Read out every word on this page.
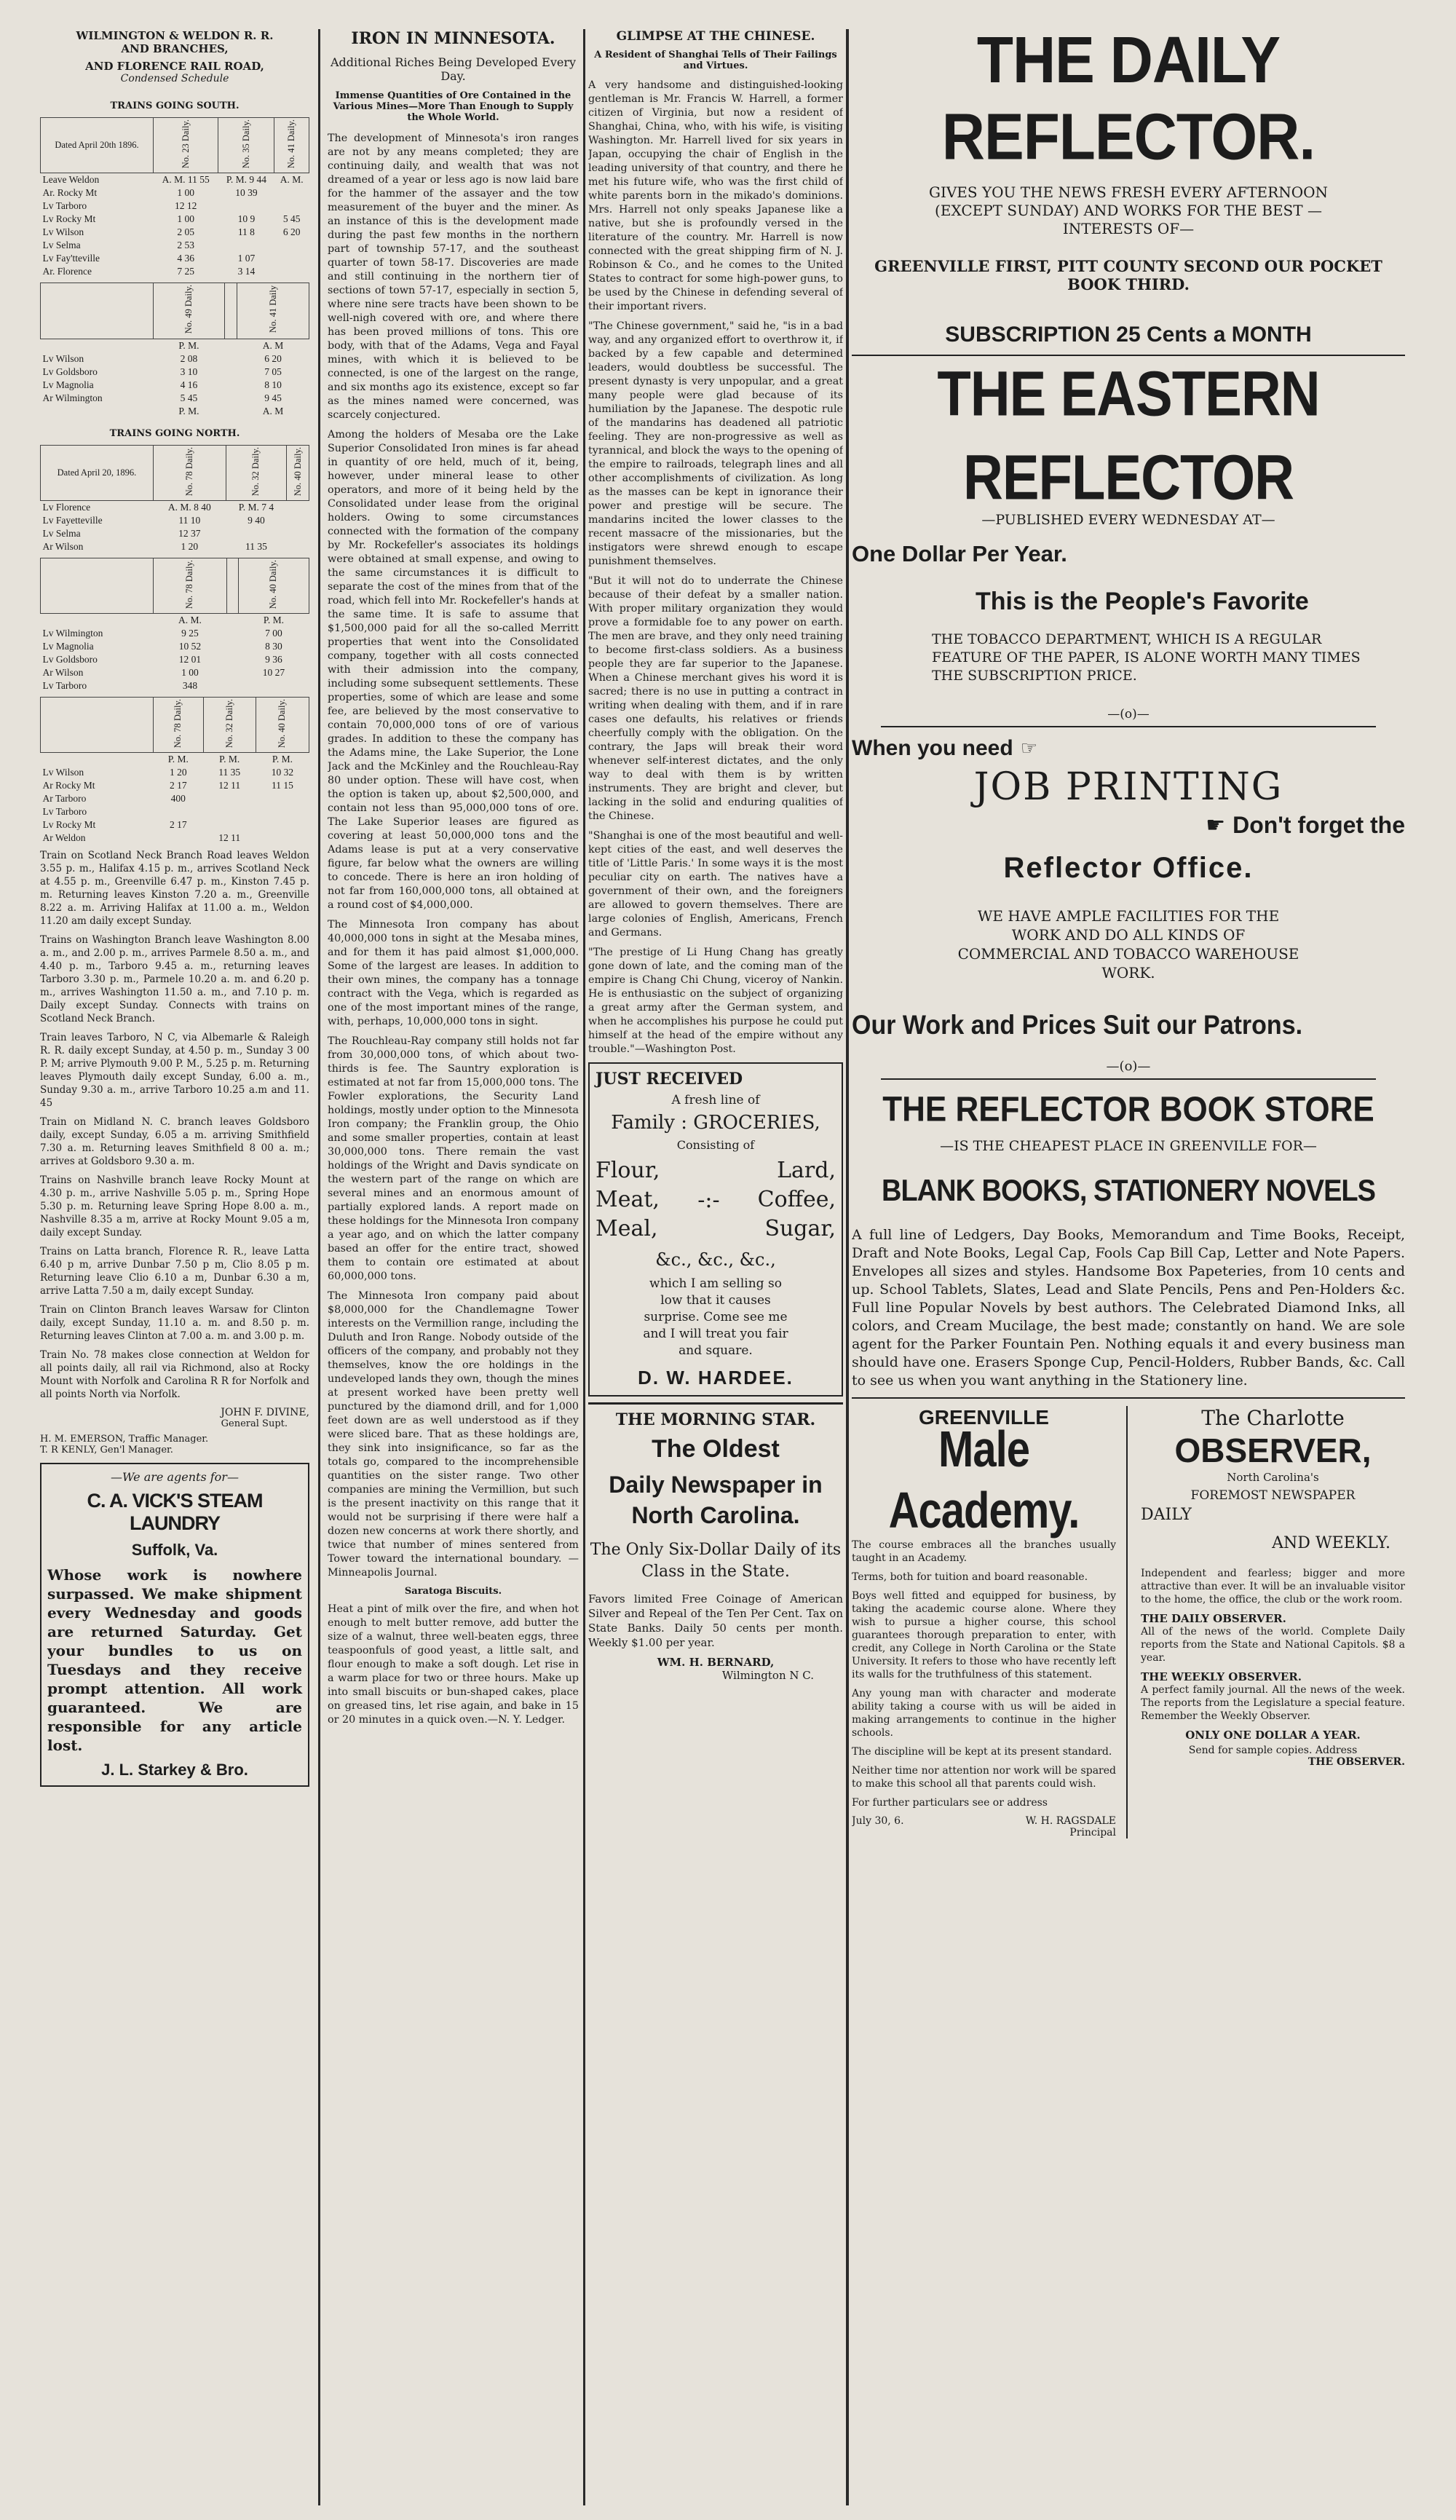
WILMINGTON & WELDON R. R.
AND BRANCHES,
AND FLORENCE RAIL ROAD,
Condensed Schedule
TRAINS GOING SOUTH.
Dated April 20th 1896.	No. 23 Daily.	No. 35 Daily.	No. 41 Daily.
Leave Weldon	A. M. 11 55	P. M. 9 44	A. M.
Ar. Rocky Mt	1 00	10 39	
Lv Tarboro	12 12		
Lv Rocky Mt	1 00	10 9	5 45
Lv Wilson	2 05	11 8	6 20
Lv Selma	2 53		
Lv Fay'tteville	4 36	1 07	
Ar. Florence	7 25	3 14	
	No. 49 Daily.		No. 41 Daily
	P. M.		A. M
Lv Wilson	2 08		6 20
Lv Goldsboro	3 10		7 05
Lv Magnolia	4 16		8 10
Ar Wilmington	5 45		9 45
	P. M.		A. M
TRAINS GOING NORTH.
Dated April 20, 1896.	No. 78 Daily.	No. 32 Daily.	No. 40 Daily.
Lv Florence	A. M. 8 40	P. M. 7 4	
Lv Fayetteville	11 10	9 40	
Lv Selma	12 37		
Ar Wilson	1 20	11 35	
	No. 78 Daily.		No. 40 Daily.
	A. M.		P. M.
Lv Wilmington	9 25		7 00
Lv Magnolia	10 52		8 30
Lv Goldsboro	12 01		9 36
Ar Wilson	1 00		10 27
Lv Tarboro	348		
	No. 78 Daily.	No. 32 Daily.	No. 40 Daily.
	P. M.	P. M.	P. M.
Lv Wilson	1 20	11 35	10 32
Ar Rocky Mt	2 17	12 11	11 15
Ar Tarboro	400		
Lv Tarboro			
Lv Rocky Mt	2 17		
Ar Weldon		12 11	

Train on Scotland Neck Branch Road leaves Weldon 3.55 p. m., Halifax 4.15 p. m., arrives Scotland Neck at 4.55 p. m., Greenville 6.47 p. m., Kinston 7.45 p. m. Returning leaves Kinston 7.20 a. m., Greenville 8.22 a. m. Arriving Halifax at 11.00 a. m., Weldon 11.20 am daily except Sunday.

Trains on Washington Branch leave Washington 8.00 a. m., and 2.00 p. m., arrives Parmele 8.50 a. m., and 4.40 p. m., Tarboro 9.45 a. m., returning leaves Tarboro 3.30 p. m., Parmele 10.20 a. m. and 6.20 p. m., arrives Washington 11.50 a. m., and 7.10 p. m. Daily except Sunday. Connects with trains on Scotland Neck Branch.

Train leaves Tarboro, N C, via Albemarle & Raleigh R. R. daily except Sunday, at 4.50 p. m., Sunday 3 00 P. M; arrive Plymouth 9.00 P. M., 5.25 p. m. Returning leaves Plymouth daily except Sunday, 6.00 a. m., Sunday 9.30 a. m., arrive Tarboro 10.25 a.m and 11. 45

Train on Midland N. C. branch leaves Goldsboro daily, except Sunday, 6.05 a m. arriving Smithfield 7.30 a. m. Returning leaves Smithfield 8 00 a. m.; arrives at Goldsboro 9.30 a. m.

Trains on Nashville branch leave Rocky Mount at 4.30 p. m., arrive Nashville 5.05 p. m., Spring Hope 5.30 p. m. Returning leave Spring Hope 8.00 a. m., Nashville 8.35 a m, arrive at Rocky Mount 9.05 a m, daily except Sunday.

Trains on Latta branch, Florence R. R., leave Latta 6.40 p m, arrive Dunbar 7.50 p m, Clio 8.05 p m. Returning leave Clio 6.10 a m, Dunbar 6.30 a m, arrive Latta 7.50 a m, daily except Sunday.

Train on Clinton Branch leaves Warsaw for Clinton daily, except Sunday, 11.10 a. m. and 8.50 p. m. Returning leaves Clinton at 7.00 a. m. and 3.00 p. m.

Train No. 78 makes close connection at Weldon for all points daily, all rail via Richmond, also at Rocky Mount with Norfolk and Carolina R R for Norfolk and all points North via Norfolk.

JOHN F. DIVINE,
General Supt.
H. M. EMERSON, Traffic Manager.
T. R KENLY, Gen'l Manager.
—We are agents for—
C. A. VICK'S STEAM LAUNDRY
Suffolk, Va.

Whose work is nowhere surpassed. We make shipment every Wednesday and goods are returned Saturday. Get your bundles to us on Tuesdays and they receive prompt attention. All work guaranteed. We are responsible for any article lost.

J. L. Starkey & Bro.
IRON IN MINNESOTA.
Additional Riches Being Developed Every Day.
Immense Quantities of Ore Contained in the Various Mines—More Than Enough to Supply the Whole World.

The development of Minnesota's iron ranges are not by any means completed; they are continuing daily, and wealth that was not dreamed of a year or less ago is now laid bare for the hammer of the assayer and the tow measurement of the buyer and the miner. As an instance of this is the development made during the past few months in the northern part of township 57-17, and the southeast quarter of town 58-17. Discoveries are made and still continuing in the northern tier of sections of town 57-17, especially in section 5, where nine sere tracts have been shown to be well-nigh covered with ore, and where there has been proved millions of tons. This ore body, with that of the Adams, Vega and Fayal mines, with which it is believed to be connected, is one of the largest on the range, and six months ago its existence, except so far as the mines named were concerned, was scarcely conjectured.

Among the holders of Mesaba ore the Lake Superior Consolidated Iron mines is far ahead in quantity of ore held, much of it, being, however, under mineral lease to other operators, and more of it being held by the Consolidated under lease from the original holders. Owing to some circumstances connected with the formation of the company by Mr. Rockefeller's associates its holdings were obtained at small expense, and owing to the same circumstances it is difficult to separate the cost of the mines from that of the road, which fell into Mr. Rockefeller's hands at the same time. It is safe to assume that $1,500,000 paid for all the so-called Merritt properties that went into the Consolidated company, together with all costs connected with their admission into the company, including some subsequent settlements. These properties, some of which are lease and some fee, are believed by the most conservative to contain 70,000,000 tons of ore of various grades. In addition to these the company has the Adams mine, the Lake Superior, the Lone Jack and the McKinley and the Rouchleau-Ray 80 under option. These will have cost, when the option is taken up, about $2,500,000, and contain not less than 95,000,000 tons of ore. The Lake Superior leases are figured as covering at least 50,000,000 tons and the Adams lease is put at a very conservative figure, far below what the owners are willing to concede. There is here an iron holding of not far from 160,000,000 tons, all obtained at a round cost of $4,000,000.

The Minnesota Iron company has about 40,000,000 tons in sight at the Mesaba mines, and for them it has paid almost $1,000,000. Some of the largest are leases. In addition to their own mines, the company has a tonnage contract with the Vega, which is regarded as one of the most important mines of the range, with, perhaps, 10,000,000 tons in sight.

The Rouchleau-Ray company still holds not far from 30,000,000 tons, of which about two-thirds is fee. The Sauntry exploration is estimated at not far from 15,000,000 tons. The Fowler explorations, the Security Land holdings, mostly under option to the Minnesota Iron company; the Franklin group, the Ohio and some smaller properties, contain at least 30,000,000 tons. There remain the vast holdings of the Wright and Davis syndicate on the western part of the range on which are several mines and an enormous amount of partially explored lands. A report made on these holdings for the Minnesota Iron company a year ago, and on which the latter company based an offer for the entire tract, showed them to contain ore estimated at about 60,000,000 tons.

The Minnesota Iron company paid about $8,000,000 for the Chandlemagne Tower interests on the Vermillion range, including the Duluth and Iron Range. Nobody outside of the officers of the company, and probably not they themselves, know the ore holdings in the undeveloped lands they own, though the mines at present worked have been pretty well punctured by the diamond drill, and for 1,000 feet down are as well understood as if they were sliced bare. That as these holdings are, they sink into insignificance, so far as the totals go, compared to the incomprehensible quantities on the sister range. Two other companies are mining the Vermillion, but such is the present inactivity on this range that it would not be surprising if there were half a dozen new concerns at work there shortly, and twice that number of mines sentered from Tower toward the international boundary. — Minneapolis Journal.

Saratoga Biscuits.

Heat a pint of milk over the fire, and when hot enough to melt butter remove, add butter the size of a walnut, three well-beaten eggs, three teaspoonfuls of good yeast, a little salt, and flour enough to make a soft dough. Let rise in a warm place for two or three hours. Make up into small biscuits or bun-shaped cakes, place on greased tins, let rise again, and bake in 15 or 20 minutes in a quick oven.—N. Y. Ledger.

GLIMPSE AT THE CHINESE.
A Resident of Shanghai Tells of Their Failings and Virtues.

A very handsome and distinguished-looking gentleman is Mr. Francis W. Harrell, a former citizen of Virginia, but now a resident of Shanghai, China, who, with his wife, is visiting Washington. Mr. Harrell lived for six years in Japan, occupying the chair of English in the leading university of that country, and there he met his future wife, who was the first child of white parents born in the mikado's dominions. Mrs. Harrell not only speaks Japanese like a native, but she is profoundly versed in the literature of the country. Mr. Harrell is now connected with the great shipping firm of N. J. Robinson & Co., and he comes to the United States to contract for some high-power guns, to be used by the Chinese in defending several of their important rivers.

"The Chinese government," said he, "is in a bad way, and any organized effort to overthrow it, if backed by a few capable and determined leaders, would doubtless be successful. The present dynasty is very unpopular, and a great many people were glad because of its humiliation by the Japanese. The despotic rule of the mandarins has deadened all patriotic feeling. They are non-progressive as well as tyrannical, and block the ways to the opening of the empire to railroads, telegraph lines and all other accomplishments of civilization. As long as the masses can be kept in ignorance their power and prestige will be secure. The mandarins incited the lower classes to the recent massacre of the missionaries, but the instigators were shrewd enough to escape punishment themselves.

"But it will not do to underrate the Chinese because of their defeat by a smaller nation. With proper military organization they would prove a formidable foe to any power on earth. The men are brave, and they only need training to become first-class soldiers. As a business people they are far superior to the Japanese. When a Chinese merchant gives his word it is sacred; there is no use in putting a contract in writing when dealing with them, and if in rare cases one defaults, his relatives or friends cheerfully comply with the obligation. On the contrary, the Japs will break their word whenever self-interest dictates, and the only way to deal with them is by written instruments. They are bright and clever, but lacking in the solid and enduring qualities of the Chinese.

"Shanghai is one of the most beautiful and well-kept cities of the east, and well deserves the title of 'Little Paris.' In some ways it is the most peculiar city on earth. The natives have a government of their own, and the foreigners are allowed to govern themselves. There are large colonies of English, Americans, French and Germans.

"The prestige of Li Hung Chang has greatly gone down of late, and the coming man of the empire is Chang Chi Chung, viceroy of Nankin. He is enthusiastic on the subject of organizing a great army after the German system, and when he accomplishes his purpose he could put himself at the head of the empire without any trouble."—Washington Post.

JUST RECEIVED
A fresh line of
Family : GROCERIES,
Consisting of
Flour,
Meat,
Meal,
-:-
Lard,
Coffee,
Sugar,
&c., &c., &c.,
which I am selling so low that it causes surprise. Come see me and I will treat you fair and square.
D. W. HARDEE.
THE MORNING STAR.
The Oldest
Daily Newspaper in North Carolina.
The Only Six-Dollar Daily of its Class in the State.

Favors limited Free Coinage of American Silver and Repeal of the Ten Per Cent. Tax on State Banks. Daily 50 cents per month. Weekly $1.00 per year.

WM. H. BERNARD,
Wilmington N C.
THE DAILY REFLECTOR.
GIVES YOU THE NEWS FRESH EVERY AFTERNOON (EXCEPT SUNDAY) AND WORKS FOR THE BEST —INTERESTS OF—
GREENVILLE FIRST, PITT COUNTY SECOND OUR POCKET BOOK THIRD.
SUBSCRIPTION 25 Cents a MONTH
THE EASTERN REFLECTOR
—PUBLISHED EVERY WEDNESDAY AT—
One Dollar Per Year.
This is the People's Favorite
THE TOBACCO DEPARTMENT, WHICH IS A REGULAR FEATURE OF THE PAPER, IS ALONE WORTH MANY TIMES THE SUBSCRIPTION PRICE.
—(o)—
When you need ☞
JOB PRINTING
☛ Don't forget the
Reflector Office.
WE HAVE AMPLE FACILITIES FOR THE WORK AND DO ALL KINDS OF COMMERCIAL AND TOBACCO WAREHOUSE WORK.
Our Work and Prices Suit our Patrons.
—(o)—
THE REFLECTOR BOOK STORE
—IS THE CHEAPEST PLACE IN GREENVILLE FOR—
BLANK BOOKS, STATIONERY NOVELS

A full line of Ledgers, Day Books, Memorandum and Time Books, Receipt, Draft and Note Books, Legal Cap, Fools Cap Bill Cap, Letter and Note Papers. Envelopes all sizes and styles. Handsome Box Papeteries, from 10 cents and up. School Tablets, Slates, Lead and Slate Pencils, Pens and Pen-Holders &c. Full line Popular Novels by best authors. The Celebrated Diamond Inks, all colors, and Cream Mucilage, the best made; constantly on hand. We are sole agent for the Parker Fountain Pen. Nothing equals it and every business man should have one. Erasers Sponge Cup, Pencil-Holders, Rubber Bands, &c. Call to see us when you want anything in the Stationery line.

GREENVILLE
Male Academy.

The course embraces all the branches usually taught in an Academy.

Terms, both for tuition and board reasonable.

Boys well fitted and equipped for business, by taking the academic course alone. Where they wish to pursue a higher course, this school guarantees thorough preparation to enter, with credit, any College in North Carolina or the State University. It refers to those who have recently left its walls for the truthfulness of this statement.

Any young man with character and moderate ability taking a course with us will be aided in making arrangements to continue in the higher schools.

The discipline will be kept at its present standard.

Neither time nor attention nor work will be spared to make this school all that parents could wish.

For further particulars see or address

July 30, 6.	W. H. RAGSDALE
Principal
The Charlotte
OBSERVER,
North Carolina's
FOREMOST NEWSPAPER
DAILY
AND WEEKLY.

Independent and fearless; bigger and more attractive than ever. It will be an invaluable visitor to the home, the office, the club or the work room.

THE DAILY OBSERVER.

All of the news of the world. Complete Daily reports from the State and National Capitols. $8 a year.

THE WEEKLY OBSERVER.

A perfect family journal. All the news of the week. The reports from the Legislature a special feature. Remember the Weekly Observer.

ONLY ONE DOLLAR A YEAR.
Send for sample copies. Address
THE OBSERVER.
